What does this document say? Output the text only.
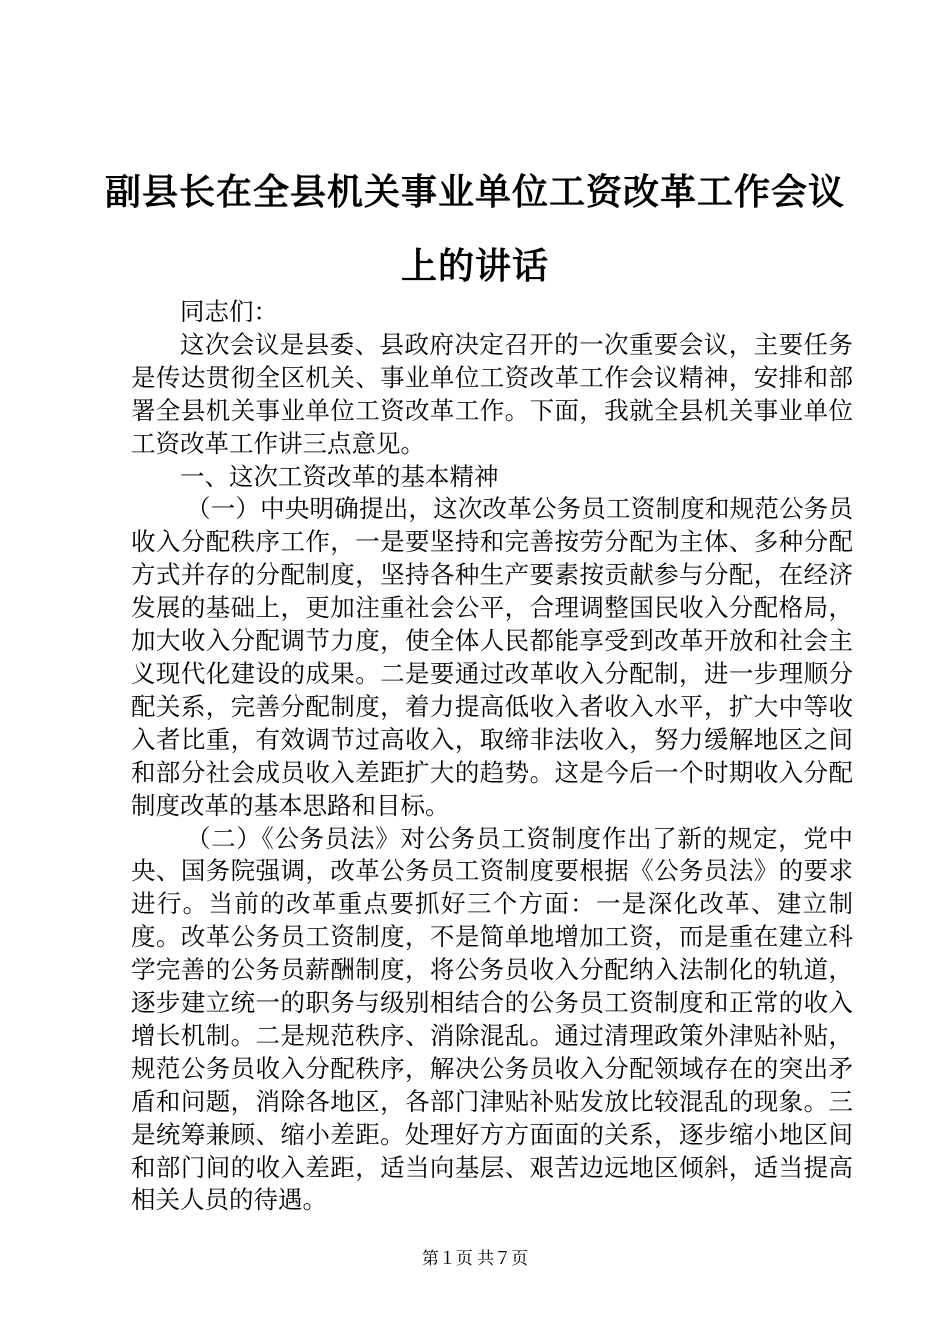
副县长在全县机关事业单位工资改革工作会议
上的讲话

同志们：

这次会议是县委、县政府决定召开的一次重要会议，主要任务是传达贯彻全区机关、事业单位工资改革工作会议精神，安排和部署全县机关事业单位工资改革工作。下面，我就全县机关事业单位工资改革工作讲三点意见。

一、这次工资改革的基本精神

（一）中央明确提出，这次改革公务员工资制度和规范公务员收入分配秩序工作，一是要坚持和完善按劳分配为主体、多种分配方式并存的分配制度，坚持各种生产要素按贡献参与分配，在经济发展的基础上，更加注重社会公平，合理调整国民收入分配格局，加大收入分配调节力度，使全体人民都能享受到改革开放和社会主义现代化建设的成果。二是要通过改革收入分配制，进一步理顺分配关系，完善分配制度，着力提高低收入者收入水平，扩大中等收入者比重，有效调节过高收入，取缔非法收入，努力缓解地区之间和部分社会成员收入差距扩大的趋势。这是今后一个时期收入分配制度改革的基本思路和目标。

（二）《公务员法》对公务员工资制度作出了新的规定，党中央、国务院强调，改革公务员工资制度要根据《公务员法》的要求进行。当前的改革重点要抓好三个方面：一是深化改革、建立制度。改革公务员工资制度，不是简单地增加工资，而是重在建立科学完善的公务员薪酬制度，将公务员收入分配纳入法制化的轨道，逐步建立统一的职务与级别相结合的公务员工资制度和正常的收入增长机制。二是规范秩序、消除混乱。通过清理政策外津贴补贴，规范公务员收入分配秩序，解决公务员收入分配领域存在的突出矛盾和问题，消除各地区，各部门津贴补贴发放比较混乱的现象。三是统筹兼顾、缩小差距。处理好方方面面的关系，逐步缩小地区间和部门间的收入差距，适当向基层、艰苦边远地区倾斜，适当提高相关人员的待遇。

第１页 共７页
